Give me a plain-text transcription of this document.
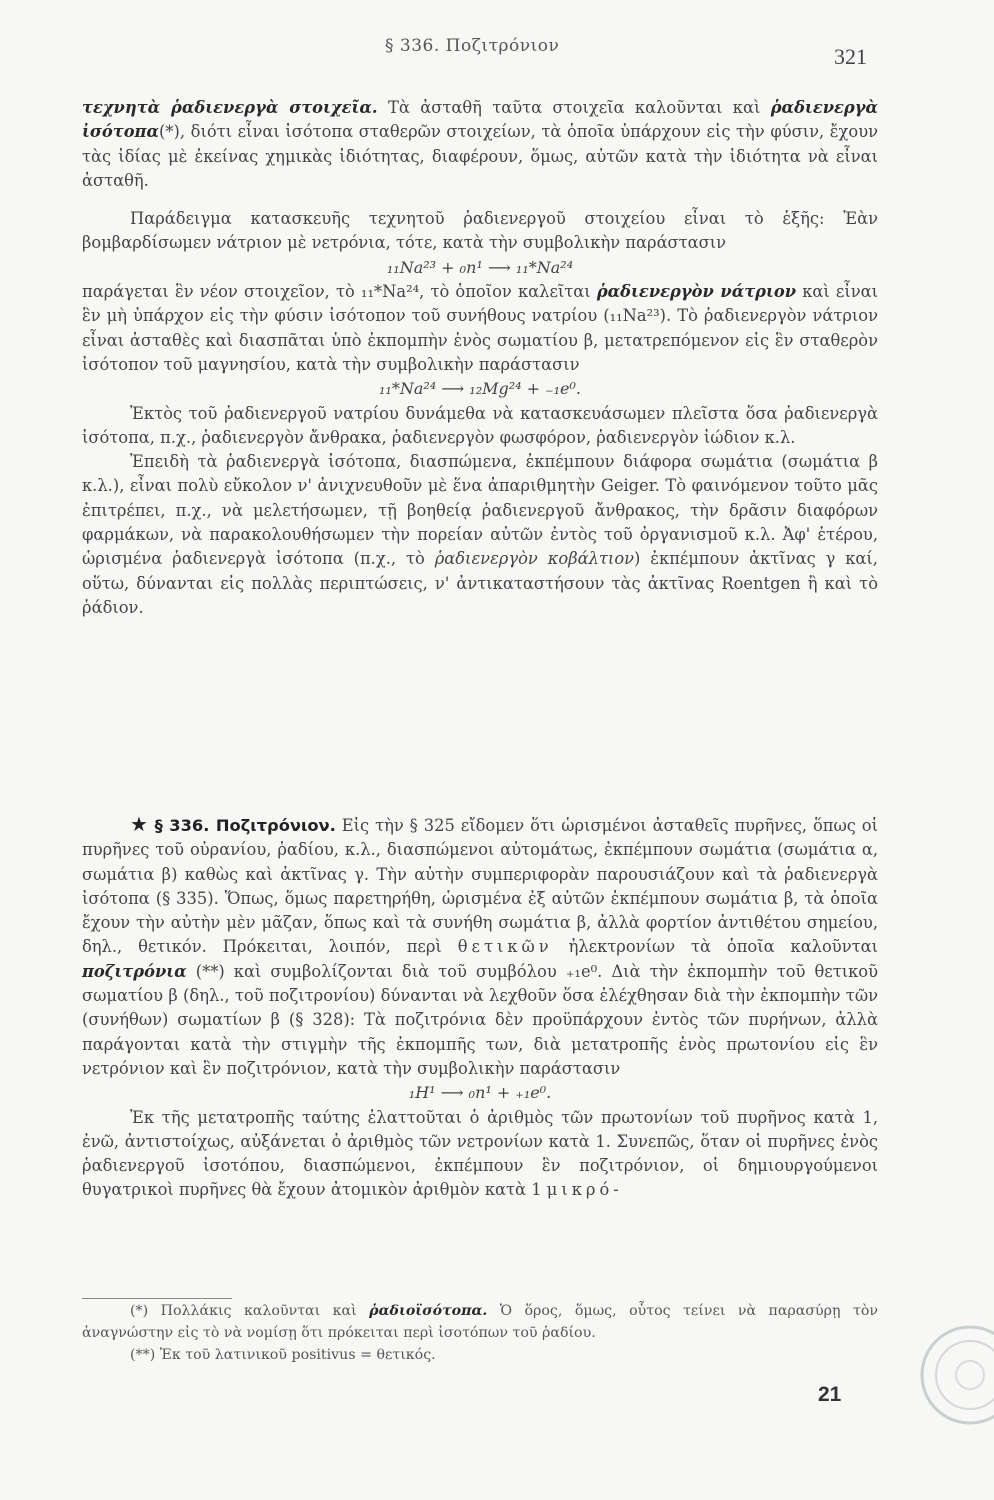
§ 336. Ποζιτρόνιον	321

τεχνητὰ ῥαδιενεργὰ στοιχεῖα. Τὰ ἀσταθῆ ταῦτα στοιχεῖα καλοῦνται καὶ ῥαδιενεργὰ ἰσότοπα(*), διότι εἶναι ἰσότοπα σταθερῶν στοιχείων, τὰ ὁποῖα ὑπάρχουν εἰς τὴν φύσιν, ἔχουν τὰς ἰδίας μὲ ἐκείνας χημικὰς ἰδιότητας, διαφέρουν, ὅμως, αὐτῶν κατὰ τὴν ἰδιότητα νὰ εἶναι ἀσταθῆ.

Παράδειγμα κατασκευῆς τεχνητοῦ ῥαδιενεργοῦ στοιχείου εἶναι τὸ ἑξῆς: Ἐὰν βομβαρδίσωμεν νάτριον μὲ νετρόνια, τότε, κατὰ τὴν συμβολικὴν παράστασιν

₁₁Na²³ + ₀n¹ ⟶ ₁₁*Na²⁴

παράγεται ἓν νέον στοιχεῖον, τὸ ₁₁*Na²⁴, τὸ ὁποῖον καλεῖται ῥαδιενεργὸν νάτριον καὶ εἶναι ἓν μὴ ὑπάρχον εἰς τὴν φύσιν ἰσότοπον τοῦ συνήθους νατρίου (₁₁Na²³). Τὸ ῥαδιενεργὸν νάτριον εἶναι ἀσταθὲς καὶ διασπᾶται ὑπὸ ἐκπομπὴν ἑνὸς σωματίου β, μετατρεπόμενον εἰς ἓν σταθερὸν ἰσότοπον τοῦ μαγνησίου, κατὰ τὴν συμβολικὴν παράστασιν

₁₁*Na²⁴ ⟶ ₁₂Mg²⁴ + ₋₁e⁰.

Ἐκτὸς τοῦ ῥαδιενεργοῦ νατρίου δυνάμεθα νὰ κατασκευάσωμεν πλεῖστα ὅσα ῥαδιενεργὰ ἰσότοπα, π.χ., ῥαδιενεργὸν ἄνθρακα, ῥαδιενεργὸν φωσφόρον, ῥαδιενεργὸν ἰώδιον κ.λ.

Ἐπειδὴ τὰ ῥαδιενεργὰ ἰσότοπα, διασπώμενα, ἐκπέμπουν διάφορα σωμάτια (σωμάτια β κ.λ.), εἶναι πολὺ εὔκολον ν' ἀνιχνευθοῦν μὲ ἕνα ἀπαριθμητὴν Geiger. Τὸ φαινόμενον τοῦτο μᾶς ἐπιτρέπει, π.χ., νὰ μελετήσωμεν, τῇ βοηθείᾳ ῥαδιενεργοῦ ἄνθρακος, τὴν δρᾶσιν διαφόρων φαρμάκων, νὰ παρακολουθήσωμεν τὴν πορείαν αὐτῶν ἐντὸς τοῦ ὀργανισμοῦ κ.λ. Ἀφ' ἑτέρου, ὡρισμένα ῥαδιενεργὰ ἰσότοπα (π.χ., τὸ ῥαδιενεργὸν κοβάλτιον) ἐκπέμπουν ἀκτῖνας γ καί, οὕτω, δύνανται εἰς πολλὰς περιπτώσεις, ν' ἀντικαταστήσουν τὰς ἀκτῖνας Roentgen ἢ καὶ τὸ ῥάδιον.

★ § 336. Ποζιτρόνιον. Εἰς τὴν § 325 εἴδομεν ὅτι ὡρισμένοι ἀσταθεῖς πυρῆνες, ὅπως οἱ πυρῆνες τοῦ οὐρανίου, ῥαδίου, κ.λ., διασπώμενοι αὐτομάτως, ἐκπέμπουν σωμάτια (σωμάτια α, σωμάτια β) καθὼς καὶ ἀκτῖνας γ. Τὴν αὐτὴν συμπεριφορὰν παρουσιάζουν καὶ τὰ ῥαδιενεργὰ ἰσότοπα (§ 335). Ὅπως, ὅμως παρετηρήθη, ὡρισμένα ἐξ αὐτῶν ἐκπέμπουν σωμάτια β, τὰ ὁποῖα ἔχουν τὴν αὐτὴν μὲν μᾶζαν, ὅπως καὶ τὰ συνήθη σωμάτια β, ἀλλὰ φορτίον ἀντιθέτου σημείου, δηλ., θετικόν. Πρόκειται, λοιπόν, περὶ θετικῶν ἠλεκτρονίων τὰ ὁποῖα καλοῦνται ποζιτρόνια (**) καὶ συμβολίζονται διὰ τοῦ συμβόλου ₊₁e⁰. Διὰ τὴν ἐκπομπὴν τοῦ θετικοῦ σωματίου β (δηλ., τοῦ ποζιτρονίου) δύνανται νὰ λεχθοῦν ὅσα ἐλέχθησαν διὰ τὴν ἐκπομπὴν τῶν (συνήθων) σωματίων β (§ 328): Τὰ ποζιτρόνια δὲν προϋπάρχουν ἐντὸς τῶν πυρήνων, ἀλλὰ παράγονται κατὰ τὴν στιγμὴν τῆς ἐκπομπῆς των, διὰ μετατροπῆς ἑνὸς πρωτονίου εἰς ἓν νετρόνιον καὶ ἓν ποζιτρόνιον, κατὰ τὴν συμβολικὴν παράστασιν

₁H¹ ⟶ ₀n¹ + ₊₁e⁰.

Ἐκ τῆς μετατροπῆς ταύτης ἐλαττοῦται ὁ ἀριθμὸς τῶν πρωτονίων τοῦ πυρῆνος κατὰ 1, ἐνῶ, ἀντιστοίχως, αὐξάνεται ὁ ἀριθμὸς τῶν νετρονίων κατὰ 1. Συνεπῶς, ὅταν οἱ πυρῆνες ἑνὸς ῥαδιενεργοῦ ἰσοτόπου, διασπώμενοι, ἐκπέμπουν ἓν ποζιτρόνιον, οἱ δημιουργούμενοι θυγατρικοὶ πυρῆνες θὰ ἔχουν ἀτομικὸν ἀριθμὸν κατὰ 1 μικρό-

(*) Πολλάκις καλοῦνται καὶ ῥαδιοϊσότοπα. Ὁ ὅρος, ὅμως, οὗτος τείνει νὰ παρασύρῃ τὸν ἀναγνώστην εἰς τὸ νὰ νομίσῃ ὅτι πρόκειται περὶ ἰσοτόπων τοῦ ῥαδίου.

(**) Ἐκ τοῦ λατινικοῦ positivus = θετικός.

21
